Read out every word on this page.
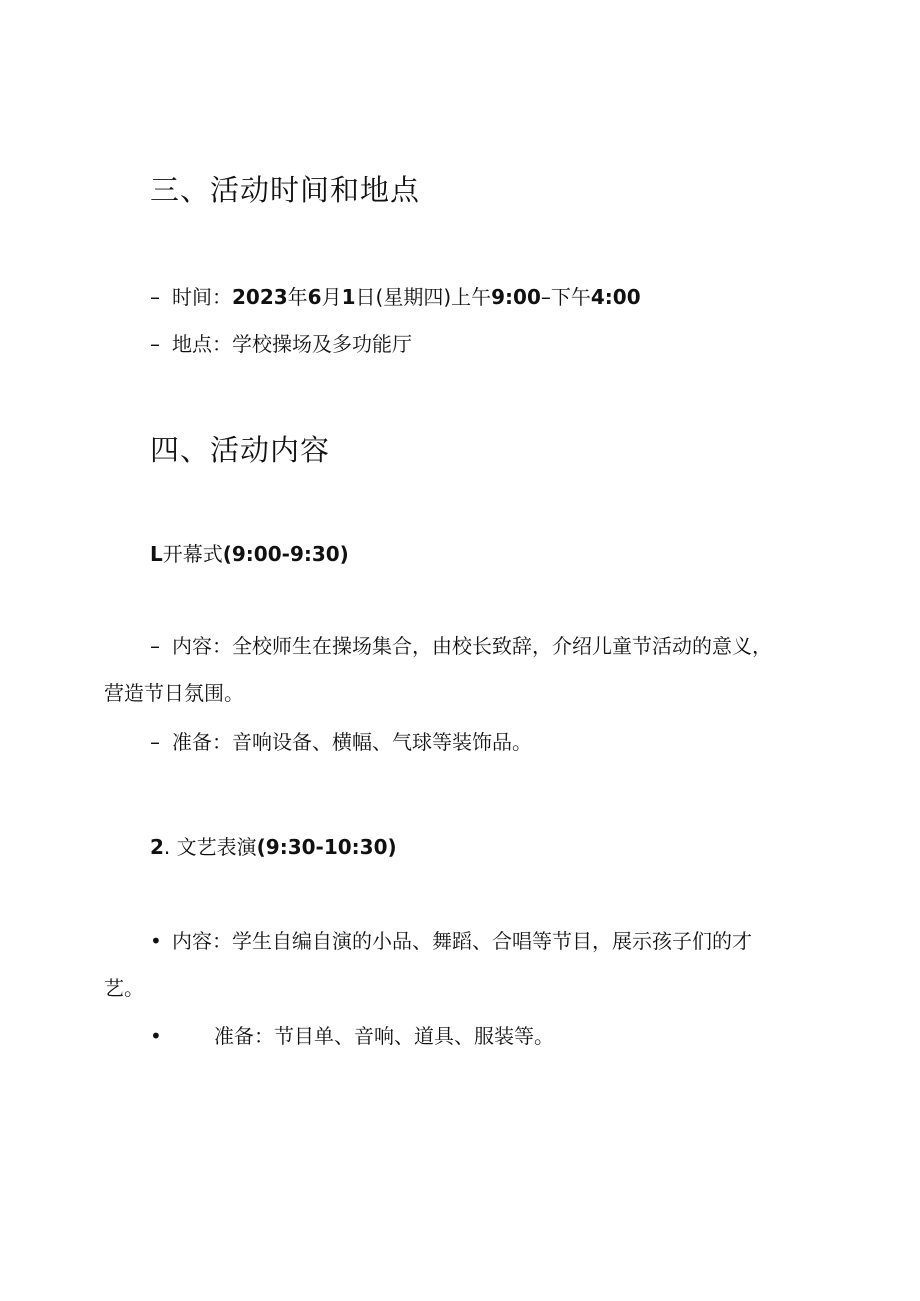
三、活动时间和地点
– 时间：2023年6月1日(星期四)上午9:00–下午4:00
– 地点：学校操场及多功能厅
四、活动内容
L开幕式(9:00-9:30)
– 内容：全校师生在操场集合，由校长致辞，介绍儿童节活动的意义，
营造节日氛围。
– 准备：音响设备、横幅、气球等装饰品。
2. 文艺表演(9:30-10:30)
• 内容：学生自编自演的小品、舞蹈、合唱等节目，展示孩子们的才
艺。
•	准备：节目单、音响、道具、服装等。
